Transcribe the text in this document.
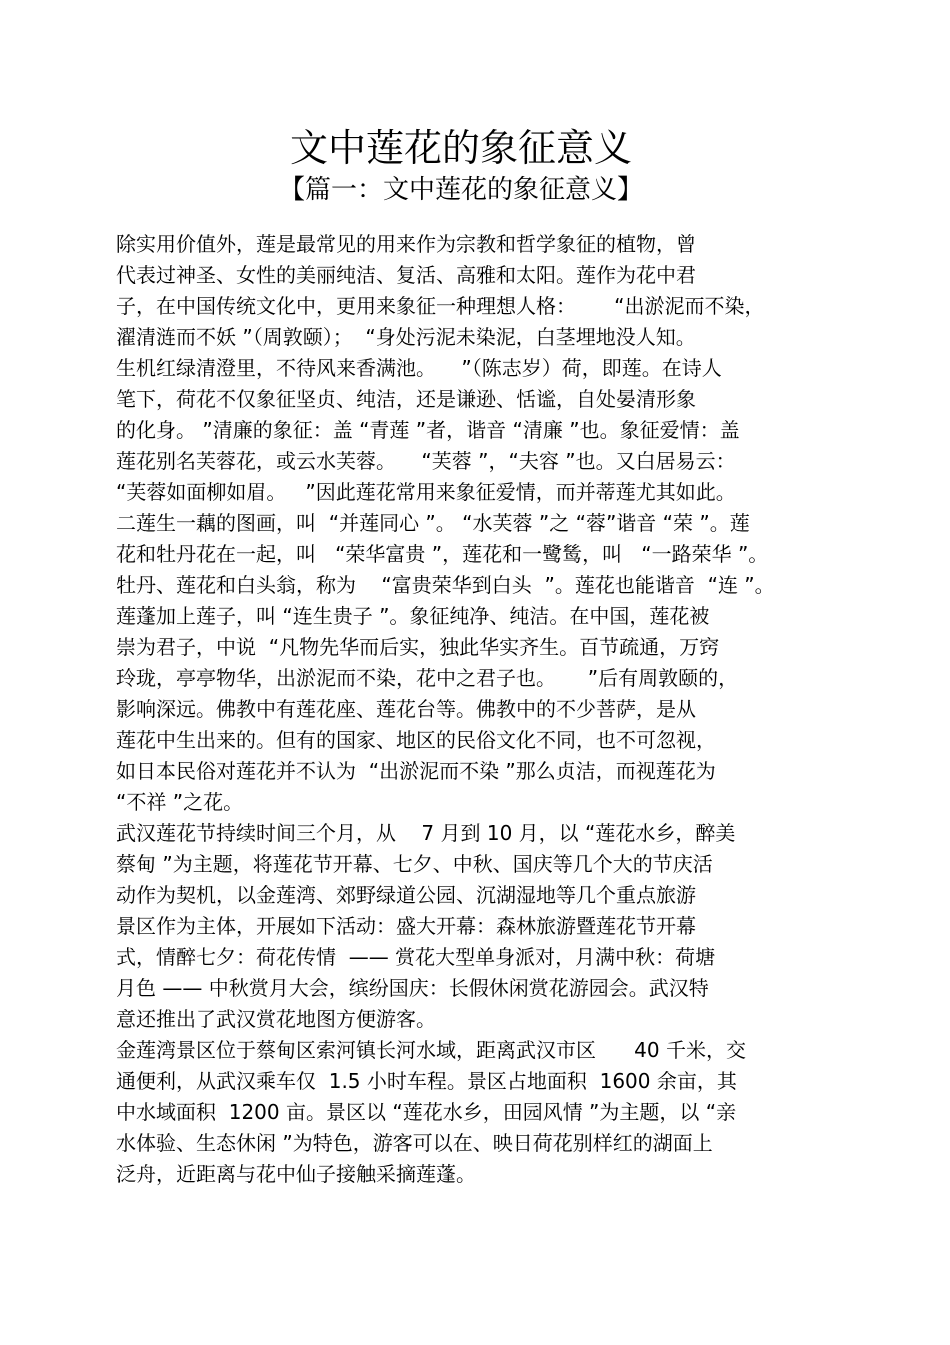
文中莲花的象征意义
【篇一：文中莲花的象征意义】
除实用价值外，莲是最常见的用来作为宗教和哲学象征的植物，曾
代表过神圣、女性的美丽纯洁、复活、高雅和太阳。莲作为花中君
子，在中国传统文化中，更用来象征一种理想人格：      “出淤泥而不染，
濯清涟而不妖 ”（周敦颐）；  “身处污泥未染泥，白茎埋地没人知。
生机红绿清澄里，不待风来香满池。    ”（陈志岁）荷，即莲。在诗人
笔下，荷花不仅象征坚贞、纯洁，还是谦逊、恬谧，自处晏清形象
的化身。 ”清廉的象征：盖 “青莲 ”者，谐音 “清廉 ”也。象征爱情：盖
莲花别名芙蓉花，或云水芙蓉。    “芙蓉 ”，“夫容 ”也。又白居易云：
“芙蓉如面柳如眉。   ”因此莲花常用来象征爱情，而并蒂莲尤其如此。
二莲生一藕的图画，叫  “并莲同心 ”。 “水芙蓉 ”之 “蓉”谐音 “荣 ”。莲
花和牡丹花在一起，叫   “荣华富贵 ”，莲花和一鹭鸶，叫   “一路荣华 ”。
牡丹、莲花和白头翁，称为    “富贵荣华到白头  ”。莲花也能谐音  “连 ”。
莲蓬加上莲子，叫 “连生贵子 ”。象征纯净、纯洁。在中国，莲花被
崇为君子，中说  “凡物先华而后实，独此华实齐生。百节疏通，万窍
玲珑，亭亭物华，出淤泥而不染，花中之君子也。     ”后有周敦颐的，
影响深远。佛教中有莲花座、莲花台等。佛教中的不少菩萨，是从
莲花中生出来的。但有的国家、地区的民俗文化不同，也不可忽视，
如日本民俗对莲花并不认为  “出淤泥而不染 ”那么贞洁，而视莲花为
“不祥 ”之花。
武汉莲花节持续时间三个月，从    7 月到 10 月，以 “莲花水乡，醉美
蔡甸 ”为主题，将莲花节开幕、七夕、中秋、国庆等几个大的节庆活
动作为契机，以金莲湾、郊野绿道公园、沉湖湿地等几个重点旅游
景区作为主体，开展如下活动：盛大开幕：森林旅游暨莲花节开幕
式，情醉七夕：荷花传情  —— 赏花大型单身派对，月满中秋：荷塘
月色 —— 中秋赏月大会，缤纷国庆：长假休闲赏花游园会。武汉特
意还推出了武汉赏花地图方便游客。
金莲湾景区位于蔡甸区索河镇长河水域，距离武汉市区      40 千米，交
通便利，从武汉乘车仅  1.5 小时车程。景区占地面积  1600 余亩，其
中水域面积  1200 亩。景区以 “莲花水乡，田园风情 ”为主题，以 “亲
水体验、生态休闲 ”为特色，游客可以在、映日荷花别样红的湖面上
泛舟，近距离与花中仙子接触采摘莲蓬。
